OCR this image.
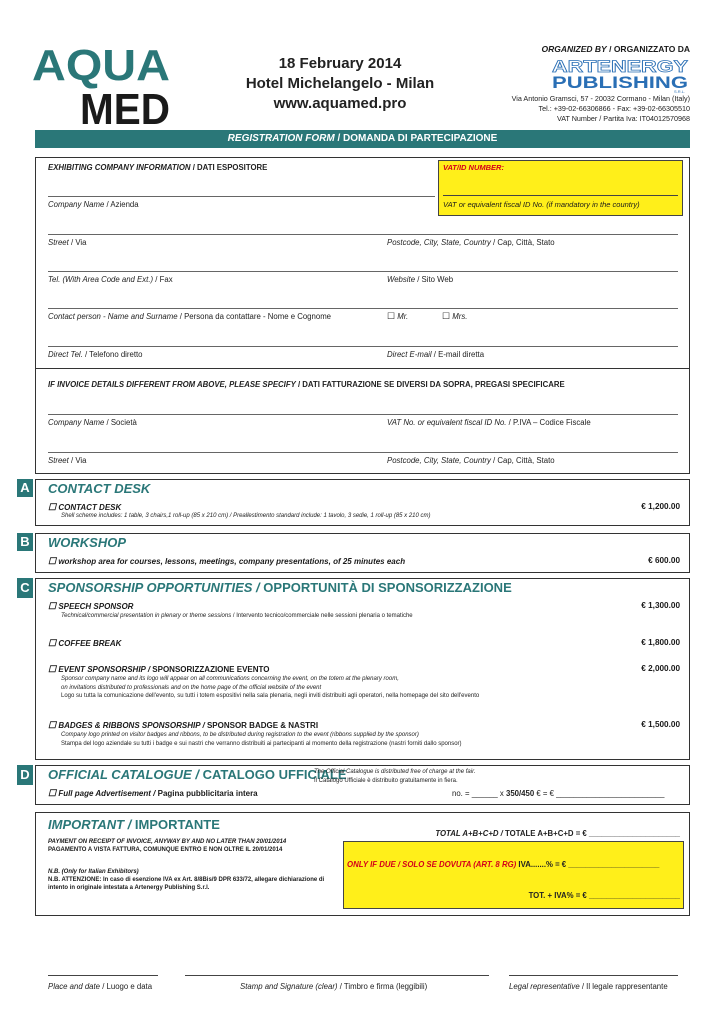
AQUA
MED
18 February 2014
Hotel Michelangelo - Milan
www.aquamed.pro
ORGANIZED BY / ORGANIZZATO DA
ARTENERGY
PUBLISHING
S.R.L.
Via Antonio Gramsci, 57 - 20032 Cormano - Milan (Italy)
Tel.: +39-02-66306866 - Fax: +39-02-66305510
VAT Number / Partita Iva: IT04012570968
REGISTRATION FORM / DOMANDA DI PARTECIPAZIONE
EXHIBITING COMPANY INFORMATION / DATI ESPOSITORE	VAT/ID NUMBER:
VAT or equivalent fiscal ID No. (if mandatory in the country)
Company Name / Azienda
Street / Via	Postcode, City, State, Country / Cap, Città, Stato
Tel. (With Area Code and Ext.) / Fax	Website / Sito Web
Contact person - Name and Surname / Persona da contattare - Nome e Cognome	☐ Mr.	☐ Mrs.
Direct Tel. / Telefono diretto	Direct E-mail / E-mail diretta
IF INVOICE DETAILS DIFFERENT FROM ABOVE, PLEASE SPECIFY / DATI FATTURAZIONE SE DIVERSI DA SOPRA, PREGASI SPECIFICARE
Company Name / Società	VAT No. or equivalent fiscal ID No. / P.IVA – Codice Fiscale
Street / Via	Postcode, City, State, Country / Cap, Città, Stato
A CONTACT DESK
☐ CONTACT DESK
Shell scheme includes: 1 table, 3 chairs,1 roll-up (85 x 210 cm) / Preallestimento standard include: 1 tavolo, 3 sedie, 1 roll-up (85 x 210 cm)
€ 1,200.00
B WORKSHOP
☐ workshop area for courses, lessons, meetings, company presentations, of 25 minutes each	€ 600.00
C SPONSORSHIP OPPORTUNITIES / OPPORTUNITÀ DI SPONSORIZZAZIONE
☐ SPEECH SPONSOR
Technical/commercial presentation in plenary or theme sessions / Intervento tecnico/commerciale nelle sessioni plenaria o tematiche
€ 1,300.00
☐ COFFEE BREAK	€ 1,800.00
☐ EVENT SPONSORSHIP / SPONSORIZZAZIONE EVENTO
Sponsor company name and its logo will appear on all communications concerning the event, on the totem at the plenary room,
on invitations distributed to professionals and on the home page of the official website of the event
Logo su tutta la comunicazione dell'evento, su tutti i totem espositivi nella sala plenaria, negli inviti distribuiti agli operatori, nella homepage del sito dell'evento
€ 2,000.00
☐ BADGES & RIBBONS SPONSORSHIP / SPONSOR BADGE & NASTRI
Company logo printed on visitor badges and ribbons, to be distributed during registration to the event (ribbons supplied by the sponsor)
Stampa del logo aziendale su tutti i badge e sui nastri che verranno distribuiti ai partecipanti al momento della registrazione (nastri forniti dallo sponsor)
€ 1,500.00
D OFFICIAL CATALOGUE / CATALOGO UFFICIALE
The Official Catalogue is distributed free of charge at the fair.
Il Catalogo Ufficiale è distribuito gratuitamente in fiera.
☐ Full page Advertisement / Pagina pubblicitaria intera	no. = ______ x 350/450 € = € _________________________
IMPORTANT / IMPORTANTE
PAYMENT ON RECEIPT OF INVOICE, ANYWAY BY AND NO LATER THAN 20/01/2014
PAGAMENTO A VISTA FATTURA, COMUNQUE ENTRO E NON OLTRE IL 20/01/2014
N.B. (Only for Italian Exhibitors)
N.B. ATTENZIONE: In caso di esenzione IVA ex Art. 8/8Bis/9 DPR 633/72, allegare dichiarazione di
intento in originale intestata a Artenergy Publishing S.r.l.
TOTAL A+B+C+D / TOTALE A+B+C+D = € _____________________
ONLY IF DUE / SOLO SE DOVUTA (ART. 8 RG) IVA.......% = € _____________________
TOT. + IVA% = € _____________________
Place and date / Luogo e data	Stamp and Signature (clear) / Timbro e firma (leggibili)	Legal representative / Il legale rappresentante
